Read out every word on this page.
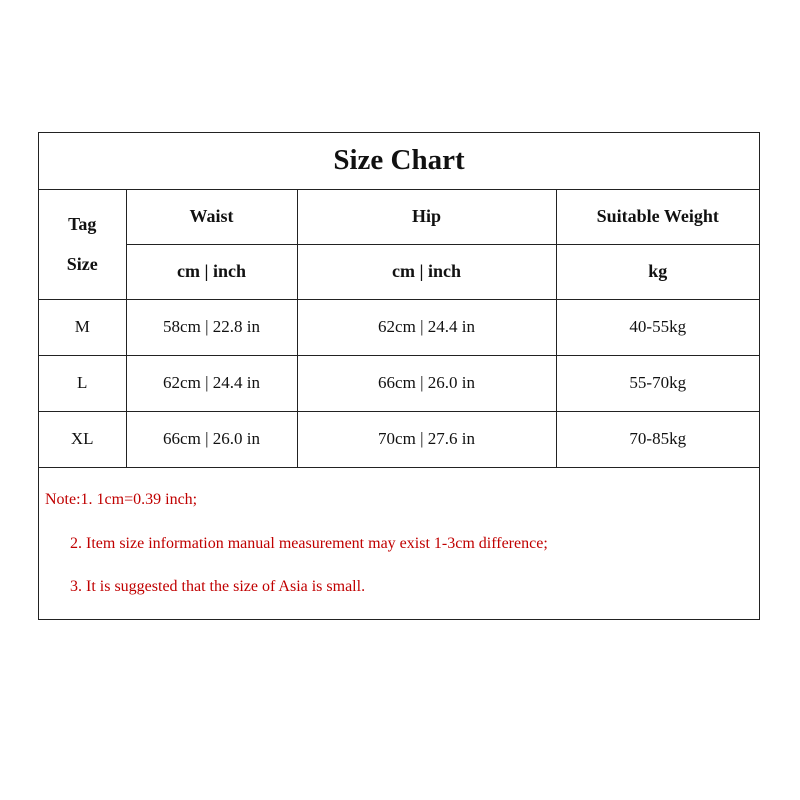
Size Chart			

Tag
Size	Waist	Hip	Suitable Weight
	cm | inch	cm | inch	kg
M	58cm | 22.8 in	62cm | 24.4 in	40-55kg
L	62cm | 24.4 in	66cm | 26.0 in	55-70kg
XL	66cm | 26.0 in	70cm | 27.6 in	70-85kg
Note:1. 1cm=0.39 inch;
2. Item size information manual measurement may exist 1-3cm difference;
3. It is suggested that the size of Asia is small.
